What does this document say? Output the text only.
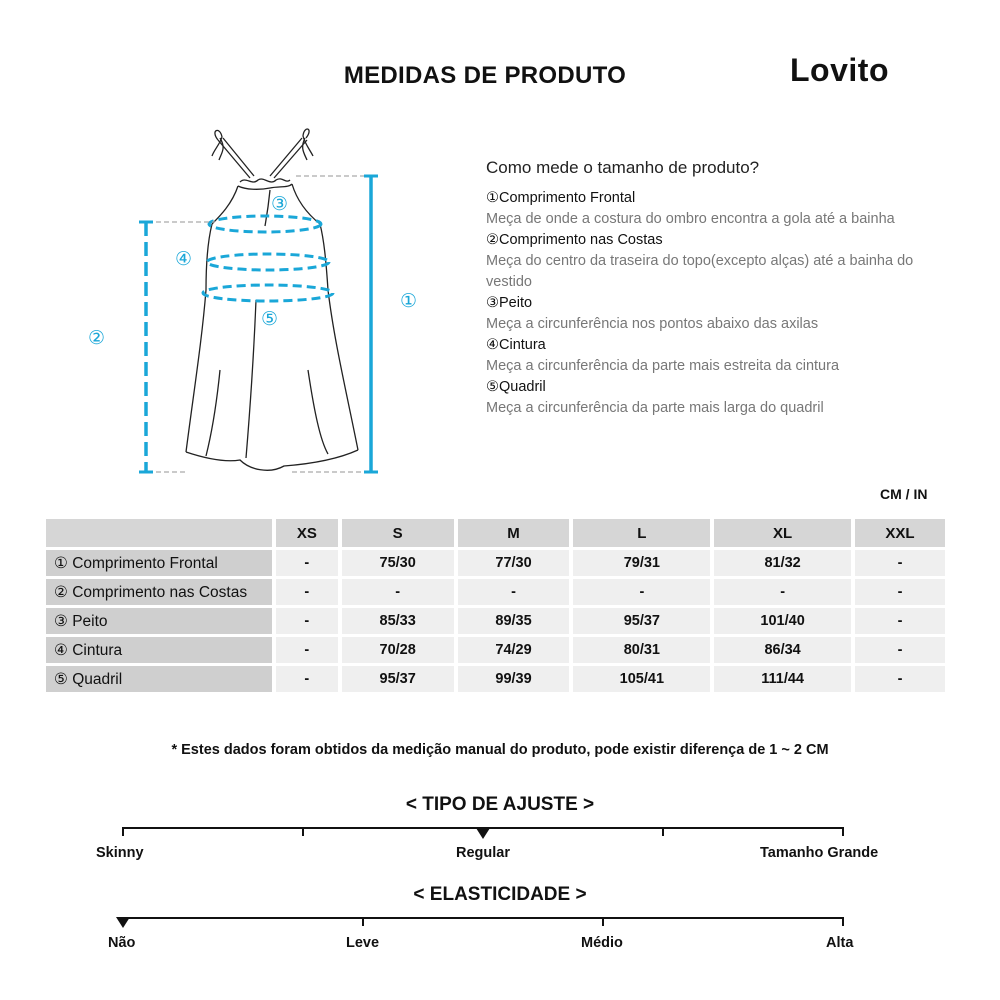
MEDIDAS DE PRODUTO	Lovito
①
②
③
④
⑤
Como mede o tamanho de produto?
①Comprimento Frontal
Meça de onde a costura do ombro encontra a gola até a bainha
②Comprimento nas Costas
Meça do centro da traseira do topo(excepto alças) até a bainha do vestido
③Peito
Meça a circunferência nos pontos abaixo das axilas
④Cintura
Meça a circunferência da parte mais estreita da cintura
⑤Quadril
Meça a circunferência da parte mais larga do quadril
CM / IN
	XS	S	M	L	XL	XXL
① Comprimento Frontal	-	75/30	77/30	79/31	81/32	-
② Comprimento nas Costas	-	-	-	-	-	-
③ Peito	-	85/33	89/35	95/37	101/40	-
④ Cintura	-	70/28	74/29	80/31	86/34	-
⑤ Quadril	-	95/37	99/39	105/41	111/44	-
* Estes dados foram obtidos da medição manual do produto, pode existir diferença de 1 ~ 2 CM
< TIPO DE AJUSTE >
Skinny	Regular	Tamanho Grande
< ELASTICIDADE >
Não	Leve	Médio	Alta
